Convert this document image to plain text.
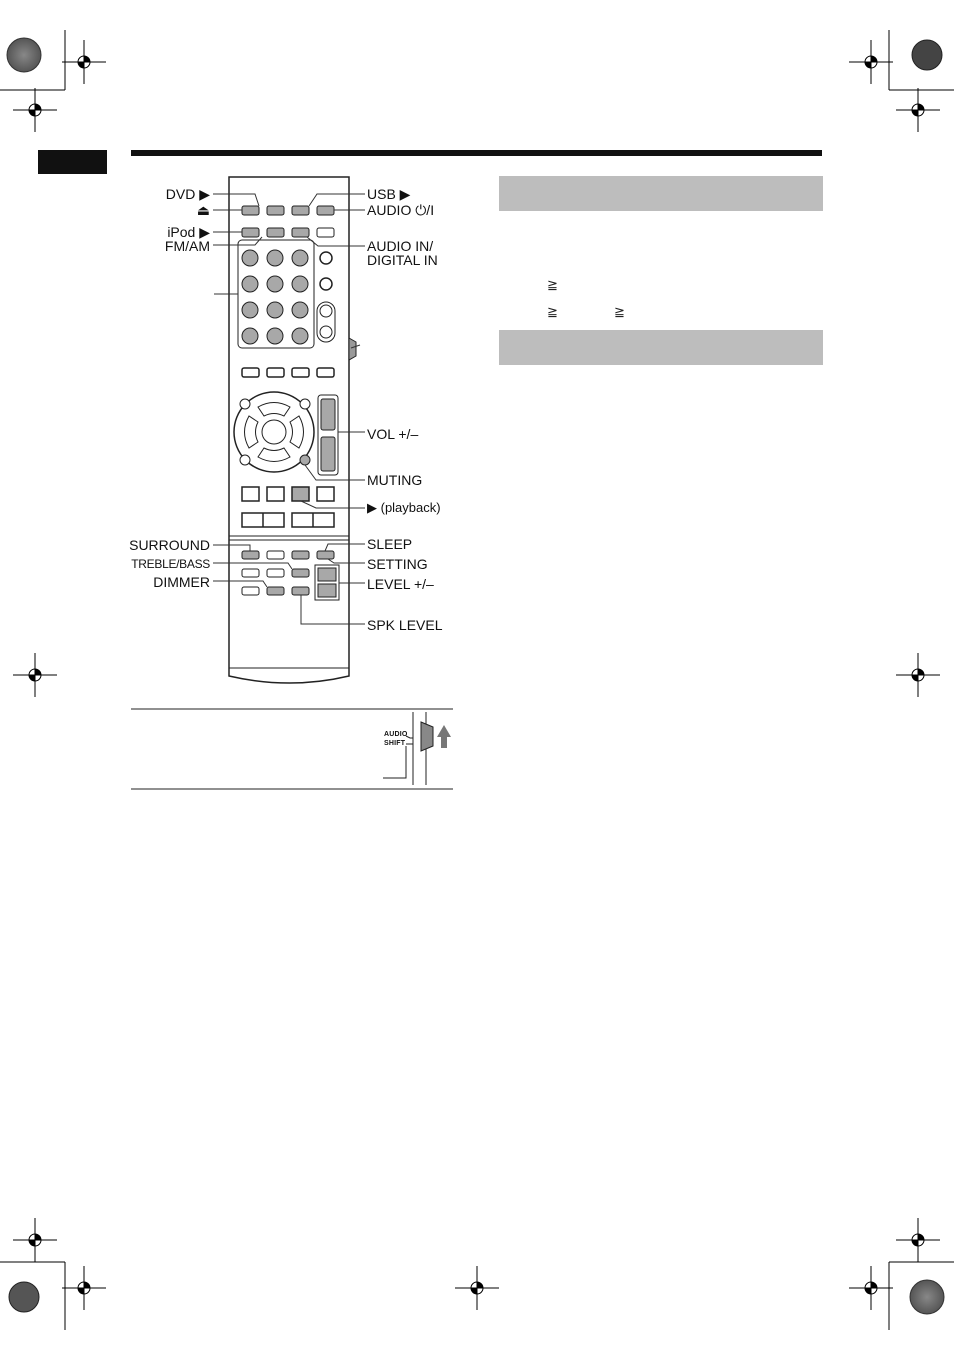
≧
≧	≧
DVD ▶
⏏
iPod ▶
FM/AM
SURROUND
TREBLE/BASS
DIMMER
USB ▶
AUDIO ⏻/I
AUDIO IN/
DIGITAL IN
VOL +/–
MUTING
▶ (playback)
SLEEP
SETTING
LEVEL +/–
SPK LEVEL
AUDIO
SHIFT
